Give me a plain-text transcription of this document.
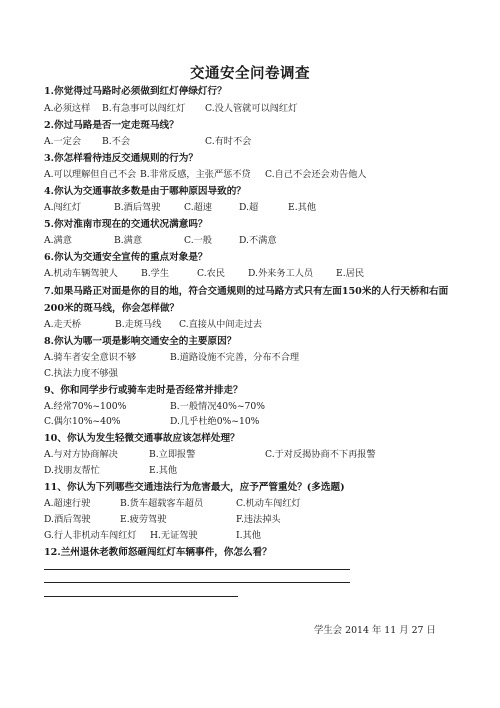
交通安全问卷调查
1.你觉得过马路时必须做到红灯停绿灯行？
A.必须这样 B.有急事可以闯红灯 C.没人管就可以闯红灯
2.你过马路是否一定走斑马线？
A.一定会 B.不会	C.有时不会
3.你怎样看待违反交通规则的行为？
A.可以理解但自己不会 B.非常反感，主张严惩不贷 C.自己不会还会劝告他人
4.你认为交通事故多数是由于哪种原因导致的？
A.闯红灯	B.酒后驾驶	C.超速	D.超	E.其他
5.你对淮南市现在的交通状况满意吗？
A.满意	B.满意	C.一般	D.不满意
6.你认为交通安全宣传的重点对象是？
A.机动车辆驾驶人	B.学生	C.农民	D.外来务工人员 E.居民
7.如果马路正对面是你的目的地，符合交通规则的过马路方式只有左面150米的人行天桥和右面200米的斑马线，你会怎样做？
A.走天桥	B.走斑马线 C.直接从中间走过去
8.你认为哪一项是影响交通安全的主要原因？
A.骑车者安全意识不够	B.道路设施不完善，分布不合理
C.执法力度不够强
9、你和同学步行或骑车走时是否经常并排走？
A.经常70%~100%	B.一般情况40%~70%
C.偶尔10%~40%	D.几乎杜绝0%~10%
10、你认为发生轻微交通事故应该怎样处理？
A.与对方协商解决	B.立即报警	C.于对反揭协商不下再报警
D.找朋友帮忙	E.其他
11、你认为下列哪些交通违法行为危害最大，应予严管重处？(多选题)
A.超速行驶	B.货车超载客车超员	C.机动车闯红灯
D.酒后驾驶	E.疲劳驾驶	F.违法掉头
G.行人非机动车闯红灯 H.无证驾驶	I.其他
12.兰州退休老教师怒砸闯红灯车辆事件，你怎么看？
学生会 2014 年 11 月 27 日
